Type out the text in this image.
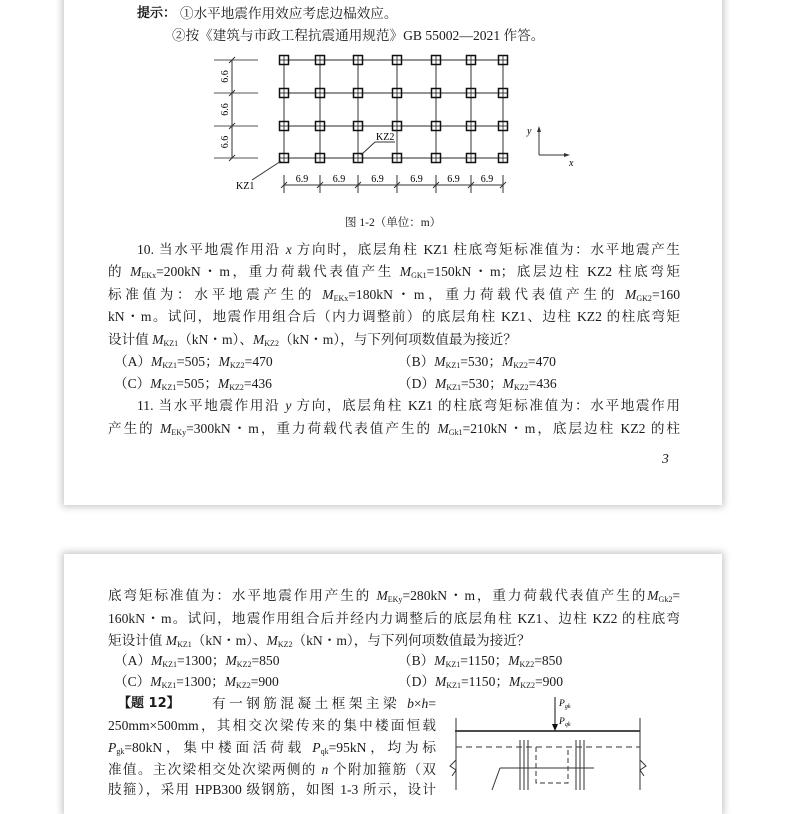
提示： ①水平地震作用效应考虑边榀效应。
②按《建筑与市政工程抗震通用规范》GB 55002—2021 作答。
6.6
6.6
6.6
6.9 6.9	6.9	6.9 6.9 6.9
KZ1
KZ2
y
x
图 1-2（单位：m）
10. 当水平地震作用沿 x 方向时，底层角柱 KZ1 柱底弯矩标准值为：水平地震产生
的 $M_{EKx}=200kN$・m，重力荷载代表值产生 $M_{GK1}=150kN$・m；底层边柱 KZ2 柱底弯矩
标准值为：水平地震产生的 $M_{EKx}=180kN$・m，重力荷载代表值产生的 $M_{GK2}=160$
kN・m。试问，地震作用组合后（内力调整前）的底层角柱 KZ1、边柱 KZ2 的柱底弯矩
设计值 $M_{KZ1}(kN$・m）、$M_{KZ2}(kN$・m），与下列何项数值最为接近？
$(A)M_{KZ1}=505$；$M_{KZ2}=470$	$(B)M_{KZ1}=530$；$M_{KZ2}=470$
$(C)M_{KZ1}=505$；$M_{KZ2}=436$	$(D)M_{KZ1}=530$；$M_{KZ2}=436$
11. 当水平地震作用沿 y 方向，底层角柱 KZ1 的柱底弯矩标准值为：水平地震作用
产生的 $M_{EKy}=300kN$・m，重力荷载代表值产生的 $M_{Gk1}=210kN$・m，底层边柱 KZ2 的柱
3
底弯矩标准值为：水平地震作用产生的 $M_{EKy}=280kN$・m，重力荷载代表值产生的$M_{Gk2}=$
160kN・m。试问，地震作用组合后并经内力调整后的底层角柱 KZ1、边柱 KZ2 的柱底弯
矩设计值 $M_{KZ1}(kN$・m）、$M_{KZ2}(kN$・m），与下列何项数值最为接近？
$(A)M_{KZ1}=1300$；$M_{KZ2}=850$	$(B)M_{KZ1}=1150$；$M_{KZ2}=850$
$(C)M_{KZ1}=1300$；$M_{KZ2}=900$	$(D)M_{KZ1}=1150$；$M_{KZ2}=900$
【题 12】 有一钢筋混凝土框架主梁 b×h=
250mm×500mm，其相交次梁传来的集中楼面恒载
$P_{gk}=80kN$，集中楼面活荷载 $P_{qk}=95kN$，均为标
准值。主次梁相交处次梁两侧的 n 个附加箍筋（双
肢箍），采用 HPB300 级钢筋，如图 1-3 所示，设计
$P_{gk}$
$P_{qk}$
